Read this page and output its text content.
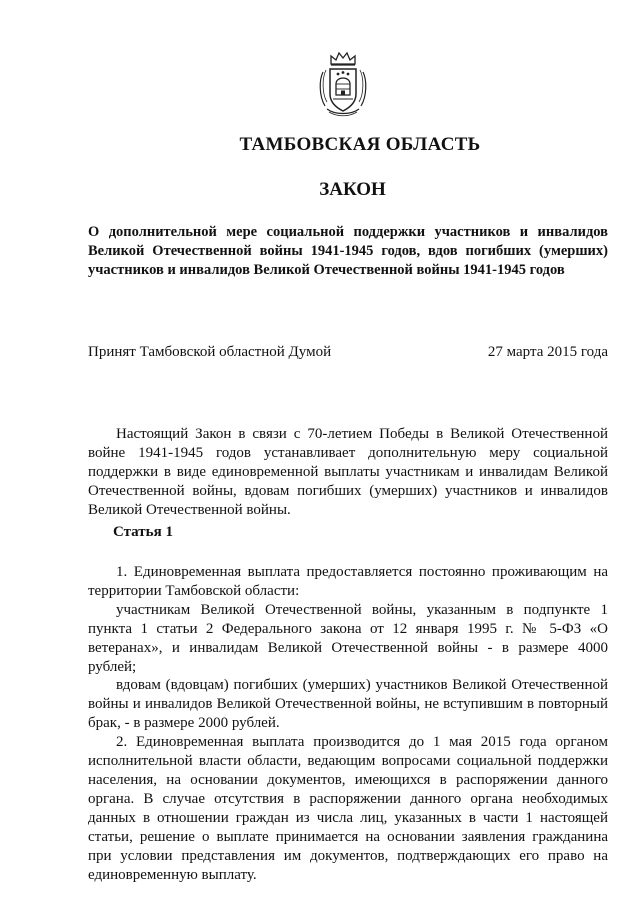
ТАМБОВСКАЯ ОБЛАСТЬ
ЗАКОН
О дополнительной мере социальной поддержки участников и инвалидов Великой Отечественной войны 1941-1945 годов, вдов погибших (умерших) участников и инвалидов Великой Отечественной войны 1941-1945 годов
Принят Тамбовской областной Думой	27 марта 2015 года

Настоящий Закон в связи с 70-летием Победы в Великой Отечественной войне 1941-1945 годов устанавливает дополнительную меру социальной поддержки в виде единовременной выплаты участникам и инвалидам Великой Отечественной войны, вдовам погибших (умерших) участников и инвалидов Великой Отечественной войны.

Статья 1

1. Единовременная выплата предоставляется постоянно проживающим на территории Тамбовской области:

участникам Великой Отечественной войны, указанным в подпункте 1 пункта 1 статьи 2 Федерального закона от 12 января 1995 г. № 5-ФЗ «О ветеранах», и инвалидам Великой Отечественной войны - в размере 4000 рублей;

вдовам (вдовцам) погибших (умерших) участников Великой Отечественной войны и инвалидов Великой Отечественной войны, не вступившим в повторный брак, - в размере 2000 рублей.

2. Единовременная выплата производится до 1 мая 2015 года органом исполнительной власти области, ведающим вопросами социальной поддержки населения, на основании документов, имеющихся в распоряжении данного органа. В случае отсутствия в распоряжении данного органа необходимых данных в отношении граждан из числа лиц, указанных в части 1 настоящей статьи, решение о выплате принимается на основании заявления гражданина при условии представления им документов, подтверждающих его право на единовременную выплату.
